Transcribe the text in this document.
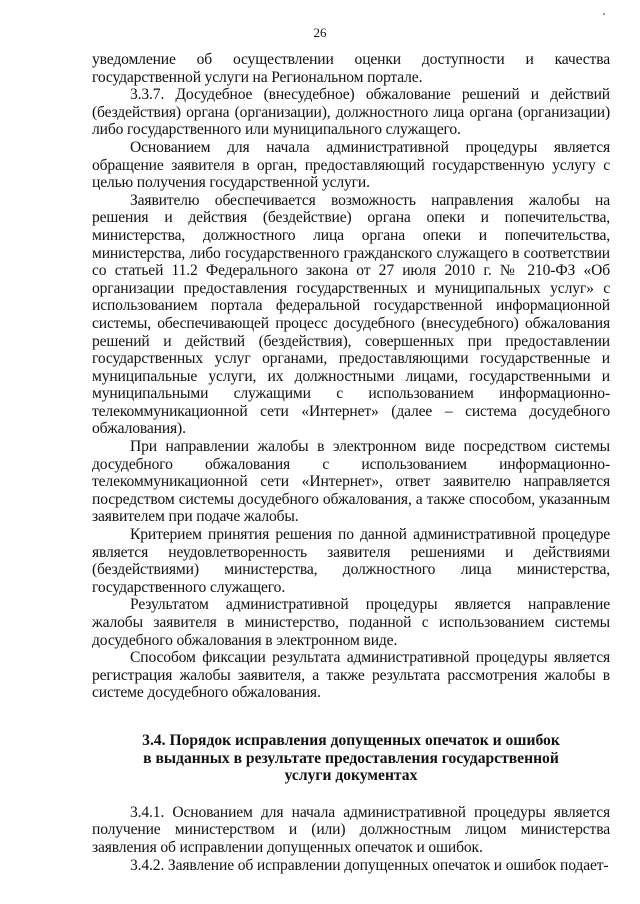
26

уведомление об осуществлении оценки доступности и качества государственной услуги на Региональном портале.

3.3.7. Досудебное (внесудебное) обжалование решений и действий (бездействия) органа (организации), должностного лица органа (организации) либо государственного или муниципального служащего.

Основанием для начала административной процедуры является обращение заявителя в орган, предоставляющий государственную услугу с целью получения государственной услуги.

Заявителю обеспечивается возможность направления жалобы на решения и действия (бездействие) органа опеки и попечительства, министерства, должностного лица органа опеки и попечительства, министерства, либо государственного гражданского служащего в соответствии со статьей 11.2 Федерального закона от 27 июля 2010 г. № 210-ФЗ «Об организации предоставления государственных и муниципальных услуг» с использованием портала федеральной государственной информационной системы, обеспечивающей процесс досудебного (внесудебного) обжалования решений и действий (бездействия), совершенных при предоставлении государственных услуг органами, предоставляющими государственные и муниципальные услуги, их должностными лицами, государственными и муниципальными служащими с использованием информационно-телекоммуникационной сети «Интернет» (далее – система досудебного обжалования).

При направлении жалобы в электронном виде посредством системы досудебного обжалования с использованием информационно-телекоммуникационной сети «Интернет», ответ заявителю направляется посредством системы досудебного обжалования, а также способом, указанным заявителем при подаче жалобы.

Критерием принятия решения по данной административной процедуре является неудовлетворенность заявителя решениями и действиями (бездействиями) министерства, должностного лица министерства, государственного служащего.

Результатом административной процедуры является направление жалобы заявителя в министерство, поданной с использованием системы досудебного обжалования в электронном виде.

Способом фиксации результата административной процедуры является регистрация жалобы заявителя, а также результата рассмотрения жалобы в системе досудебного обжалования.

3.4. Порядок исправления допущенных опечаток и ошибок
в выданных в результате предоставления государственной
услуги документах

3.4.1. Основанием для начала административной процедуры является получение министерством и (или) должностным лицом министерства заявления об исправлении допущенных опечаток и ошибок.

3.4.2. Заявление об исправлении допущенных опечаток и ошибок подает-
